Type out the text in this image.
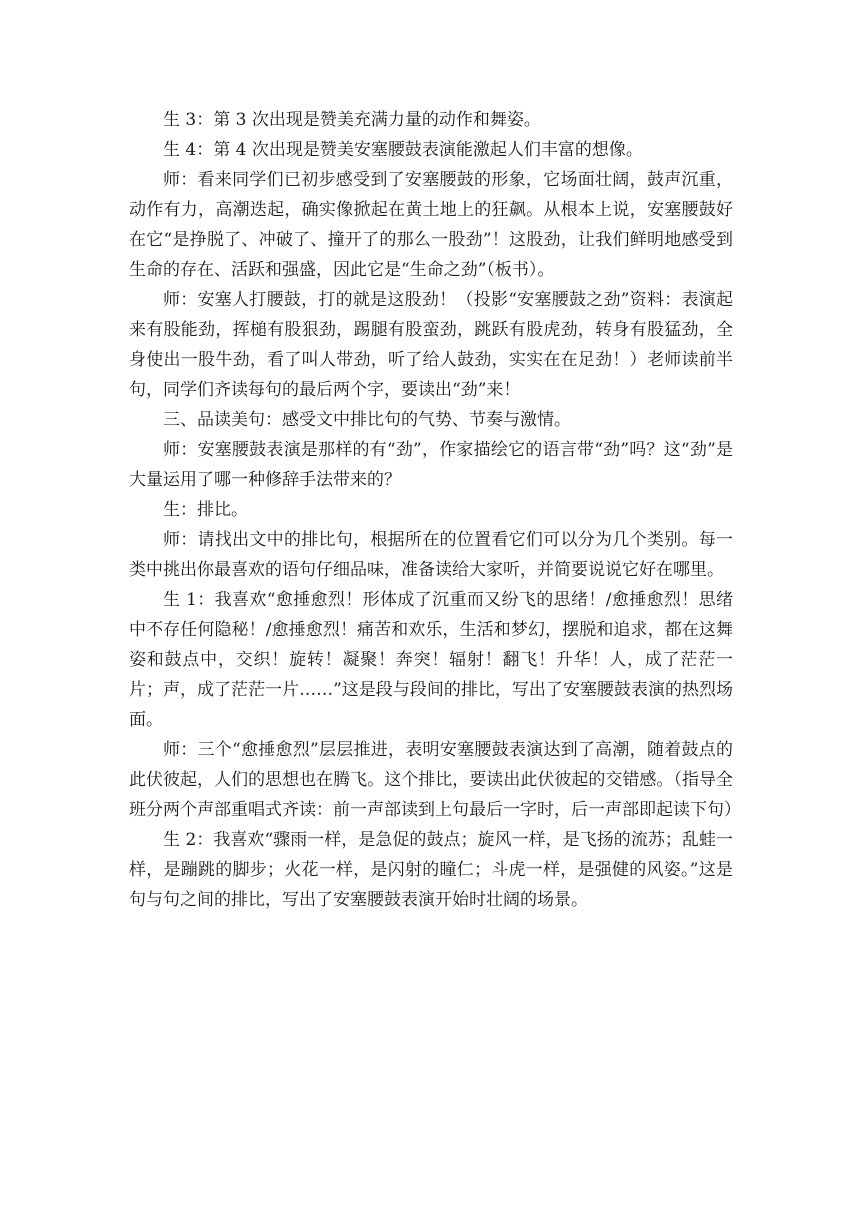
生 3：第 3 次出现是赞美充满力量的动作和舞姿。

生 4：第 4 次出现是赞美安塞腰鼓表演能激起人们丰富的想像。

师：看来同学们已初步感受到了安塞腰鼓的形象，它场面壮阔，鼓声沉重，动作有力，高潮迭起，确实像掀起在黄土地上的狂飙。从根本上说，安塞腰鼓好在它“是挣脱了、冲破了、撞开了的那么一股劲”！这股劲，让我们鲜明地感受到生命的存在、活跃和强盛，因此它是“生命之劲”（板书）。

师：安塞人打腰鼓，打的就是这股劲！（投影“安塞腰鼓之劲”资料：表演起来有股能劲，挥槌有股狠劲，踢腿有股蛮劲，跳跃有股虎劲，转身有股猛劲，全身使出一股牛劲，看了叫人带劲，听了给人鼓劲，实实在在足劲！）老师读前半句，同学们齐读每句的最后两个字，要读出“劲”来！

三、品读美句：感受文中排比句的气势、节奏与激情。

师：安塞腰鼓表演是那样的有“劲”，作家描绘它的语言带“劲”吗？这“劲”是大量运用了哪一种修辞手法带来的？

生：排比。

师：请找出文中的排比句，根据所在的位置看它们可以分为几个类别。每一类中挑出你最喜欢的语句仔细品味，准备读给大家听，并简要说说它好在哪里。

生 1：我喜欢“愈捶愈烈！形体成了沉重而又纷飞的思绪！/愈捶愈烈！思绪中不存任何隐秘！/愈捶愈烈！痛苦和欢乐，生活和梦幻，摆脱和追求，都在这舞姿和鼓点中，交织！旋转！凝聚！奔突！辐射！翻飞！升华！人，成了茫茫一片；声，成了茫茫一片……”这是段与段间的排比，写出了安塞腰鼓表演的热烈场面。

师：三个“愈捶愈烈”层层推进，表明安塞腰鼓表演达到了高潮，随着鼓点的此伏彼起，人们的思想也在腾飞。这个排比，要读出此伏彼起的交错感。（指导全班分两个声部重唱式齐读：前一声部读到上句最后一字时，后一声部即起读下句）

生 2：我喜欢“骤雨一样，是急促的鼓点；旋风一样，是飞扬的流苏；乱蛙一样，是蹦跳的脚步；火花一样，是闪射的瞳仁；斗虎一样，是强健的风姿。”这是句与句之间的排比，写出了安塞腰鼓表演开始时壮阔的场景。
